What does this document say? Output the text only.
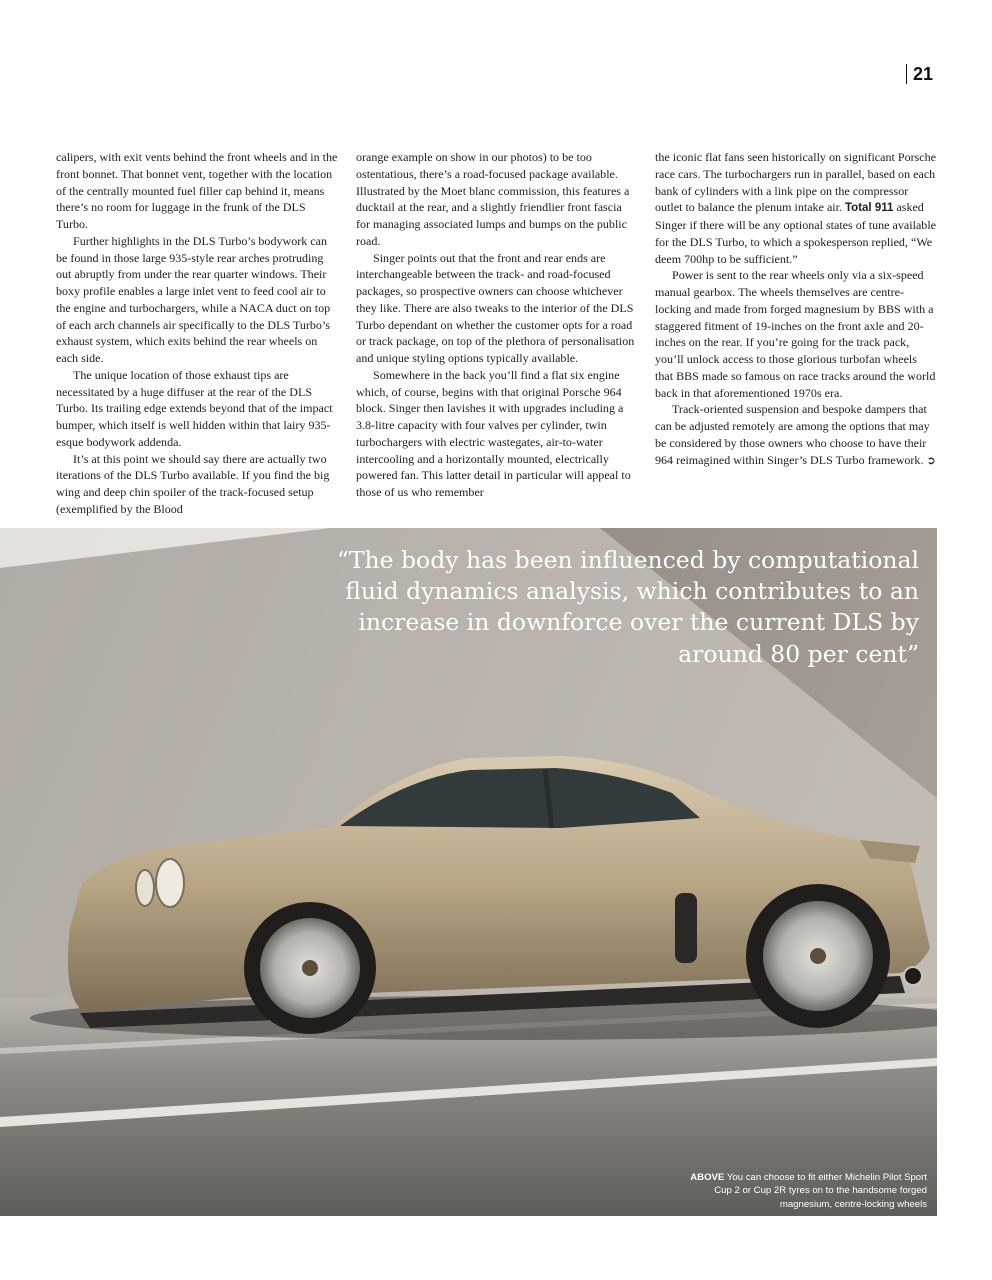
21

calipers, with exit vents behind the front wheels and in the front bonnet. That bonnet vent, together with the location of the centrally mounted fuel filler cap behind it, means there’s no room for luggage in the frunk of the DLS Turbo.

Further highlights in the DLS Turbo’s bodywork can be found in those large 935-style rear arches protruding out abruptly from under the rear quarter windows. Their boxy profile enables a large inlet vent to feed cool air to the engine and turbochargers, while a NACA duct on top of each arch channels air specifically to the DLS Turbo’s exhaust system, which exits behind the rear wheels on each side.

The unique location of those exhaust tips are necessitated by a huge diffuser at the rear of the DLS Turbo. Its trailing edge extends beyond that of the impact bumper, which itself is well hidden within that lairy 935-esque bodywork addenda.

It’s at this point we should say there are actually two iterations of the DLS Turbo available. If you find the big wing and deep chin spoiler of the track-focused setup (exemplified by the Blood

orange example on show in our photos) to be too ostentatious, there’s a road-focused package available. Illustrated by the Moet blanc commission, this features a ducktail at the rear, and a slightly friendlier front fascia for managing associated lumps and bumps on the public road.

Singer points out that the front and rear ends are interchangeable between the track- and road-focused packages, so prospective owners can choose whichever they like. There are also tweaks to the interior of the DLS Turbo dependant on whether the customer opts for a road or track package, on top of the plethora of personalisation and unique styling options typically available.

Somewhere in the back you’ll find a flat six engine which, of course, begins with that original Porsche 964 block. Singer then lavishes it with upgrades including a 3.8-litre capacity with four valves per cylinder, twin turbochargers with electric wastegates, air-to-water intercooling and a horizontally mounted, electrically powered fan. This latter detail in particular will appeal to those of us who remember

the iconic flat fans seen historically on significant Porsche race cars. The turbochargers run in parallel, based on each bank of cylinders with a link pipe on the compressor outlet to balance the plenum intake air. Total 911 asked Singer if there will be any optional states of tune available for the DLS Turbo, to which a spokesperson replied, “We deem 700hp to be sufficient.”

Power is sent to the rear wheels only via a six-speed manual gearbox. The wheels themselves are centre-locking and made from forged magnesium by BBS with a staggered fitment of 19-inches on the front axle and 20-inches on the rear. If you’re going for the track pack, you’ll unlock access to those glorious turbofan wheels that BBS made so famous on race tracks around the world back in that aforementioned 1970s era.

Track-oriented suspension and bespoke dampers that can be adjusted remotely are among the options that may be considered by those owners who choose to have their 964 reimagined within Singer’s DLS Turbo framework. ➲

“The body has been influenced by computational fluid dynamics analysis, which contributes to an increase in downforce over the current DLS by around 80 per cent”
ABOVE You can choose to fit either Michelin Pilot Sport Cup 2 or Cup 2R tyres on to the handsome forged magnesium, centre-locking wheels
